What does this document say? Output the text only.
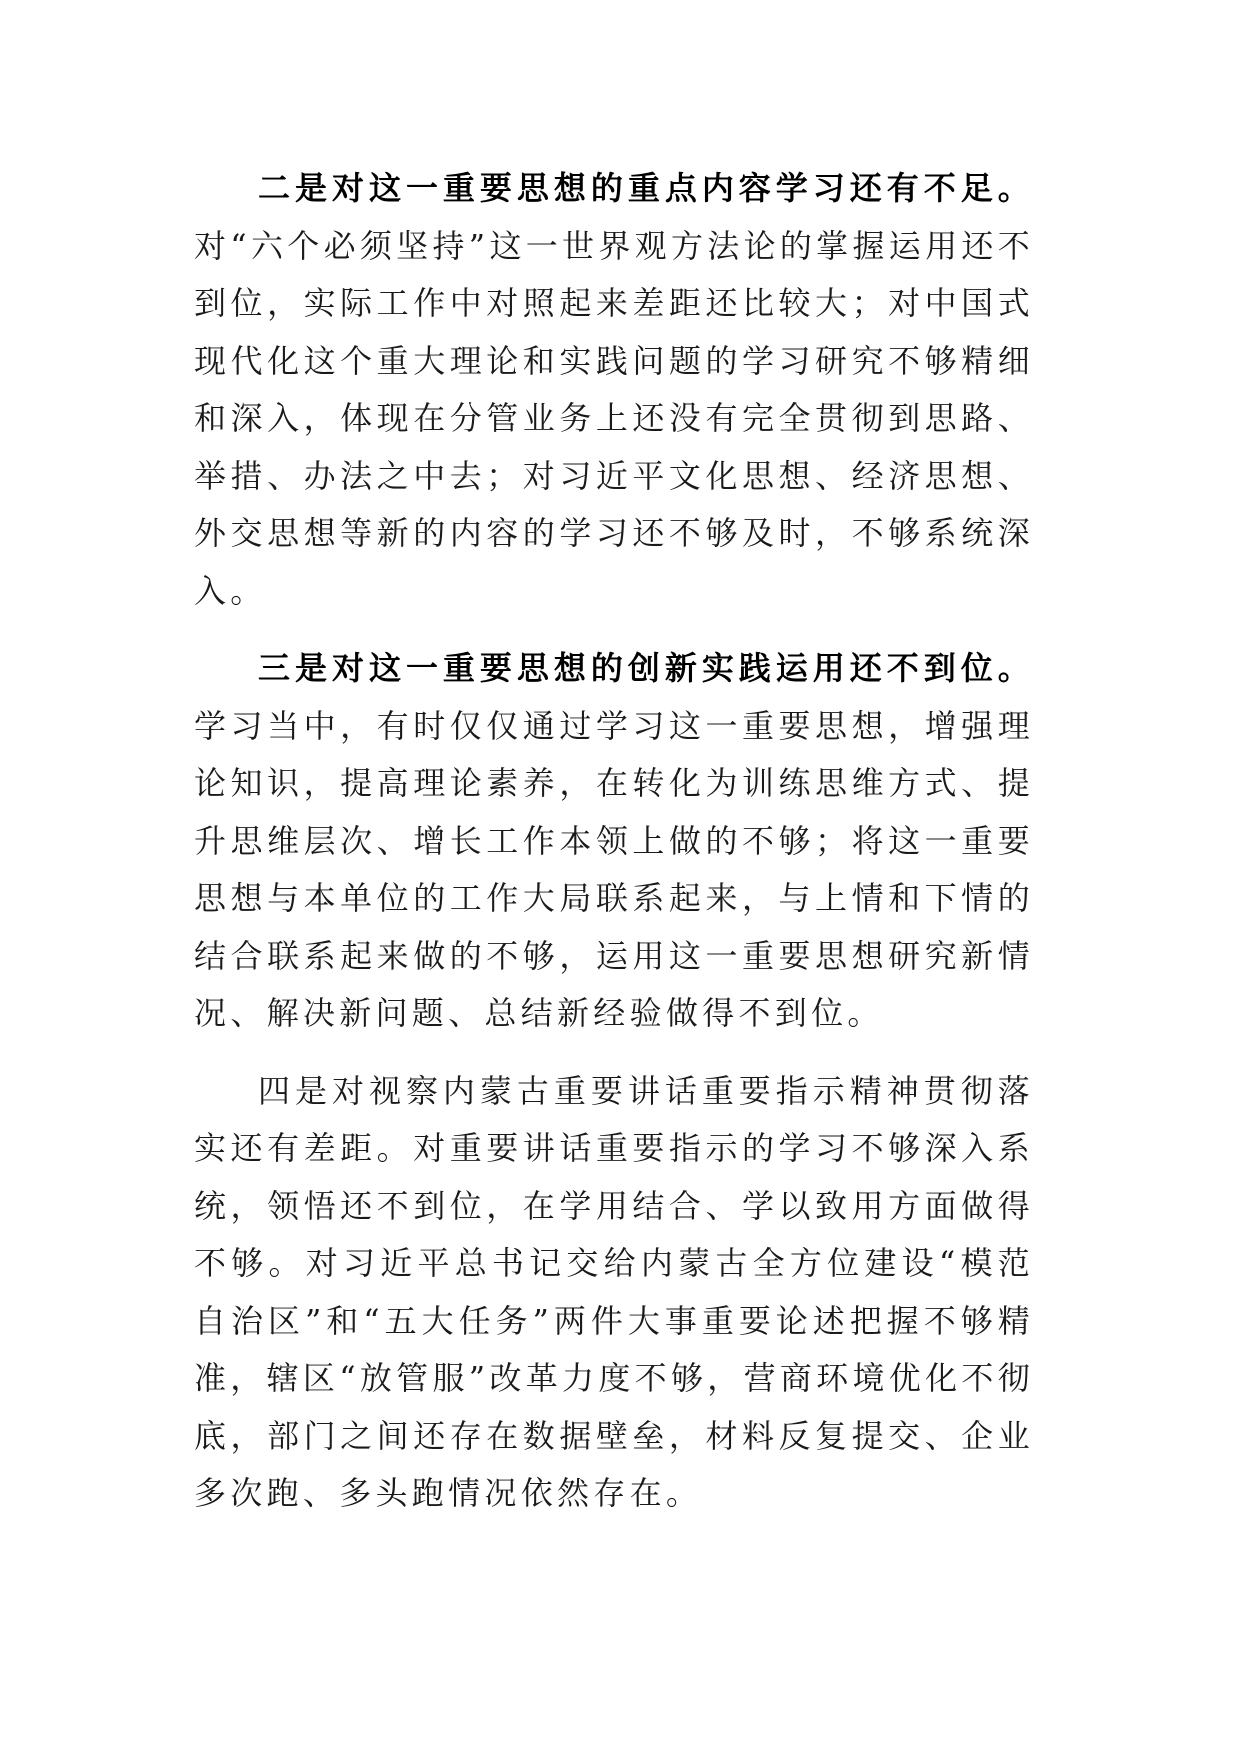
二是对这一重要思想的重点内容学习还有不足。对“六个必须坚持”这一世界观方法论的掌握运用还不到位，实际工作中对照起来差距还比较大；对中国式现代化这个重大理论和实践问题的学习研究不够精细和深入，体现在分管业务上还没有完全贯彻到思路、举措、办法之中去；对习近平文化思想、经济思想、外交思想等新的内容的学习还不够及时，不够系统深入。

三是对这一重要思想的创新实践运用还不到位。 学习当中，有时仅仅通过学习这一重要思想，增强理论知识，提高理论素养，在转化为训练思维方式、提升思维层次、增长工作本领上做的不够；将这一重要思想与本单位的工作大局联系起来，与上情和下情的结合联系起来做的不够，运用这一重要思想研究新情况、解决新问题、总结新经验做得不到位。

四是对视察内蒙古重要讲话重要指示精神贯彻落实还有差距。对重要讲话重要指示的学习不够深入系统，领悟还不到位，在学用结合、学以致用方面做得不够。对习近平总书记交给内蒙古全方位建设“模范自治区”和“五大任务”两件大事重要论述把握不够精准，辖区“放管服”改革力度不够，营商环境优化不彻底，部门之间还存在数据壁垒，材料反复提交、企业多次跑、多头跑情况依然存在。
